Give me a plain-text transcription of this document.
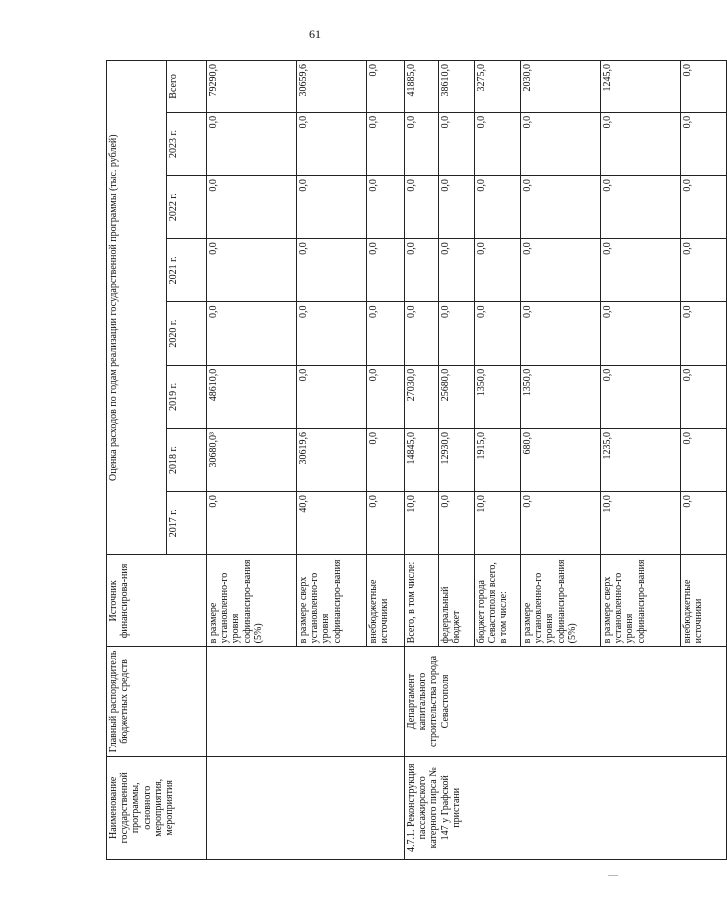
61
Наименование государственной программы, основного мероприятия, мероприятия	Главный распорядитель бюджетных средств	Источник финансирова-ния	Оценка расходов по годам реализации государственной программы (тыс. рублей)							
			2017 г.	2018 г.	2019 г.	2020 г.	2021 г.	2022 г.	2023 г.	Всего
		в размере установленно-го уровня софинансиро-вания (5%)	0,0	30680,0³	48610,0	0,0	0,0	0,0	0,0	79290,0
		в размере сверх установленно-го уровня софинансиро-вания	40,0	30619,6	0,0	0,0	0,0	0,0	0,0	30659,6
		внебюджетные источники	0,0	0,0	0,0	0,0	0,0	0,0	0,0	0,0
4.7.1. Реконструкция пассажирского катерного пирса № 147 у Графской пристани	Департамент капитального строительства города Севастополя	Всего, в том числе:	10,0	14845,0	27030,0	0,0	0,0	0,0	0,0	41885,0
		федеральный бюджет	0,0	12930,0	25680,0	0,0	0,0	0,0	0,0	38610,0
		бюджет города Севастополя всего, в том числе:	10,0	1915,0	1350,0	0,0	0,0	0,0	0,0	3275,0
		в размере установленно-го уровня софинансиро-вания (5%)	0,0	680,0	1350,0	0,0	0,0	0,0	0,0	2030,0
		в размере сверх установленно-го уровня софинансиро-вания	10,0	1235,0	0,0	0,0	0,0	0,0	0,0	1245,0
		внебюджетные источники	0,0	0,0	0,0	0,0	0,0	0,0	0,0	0,0
—
